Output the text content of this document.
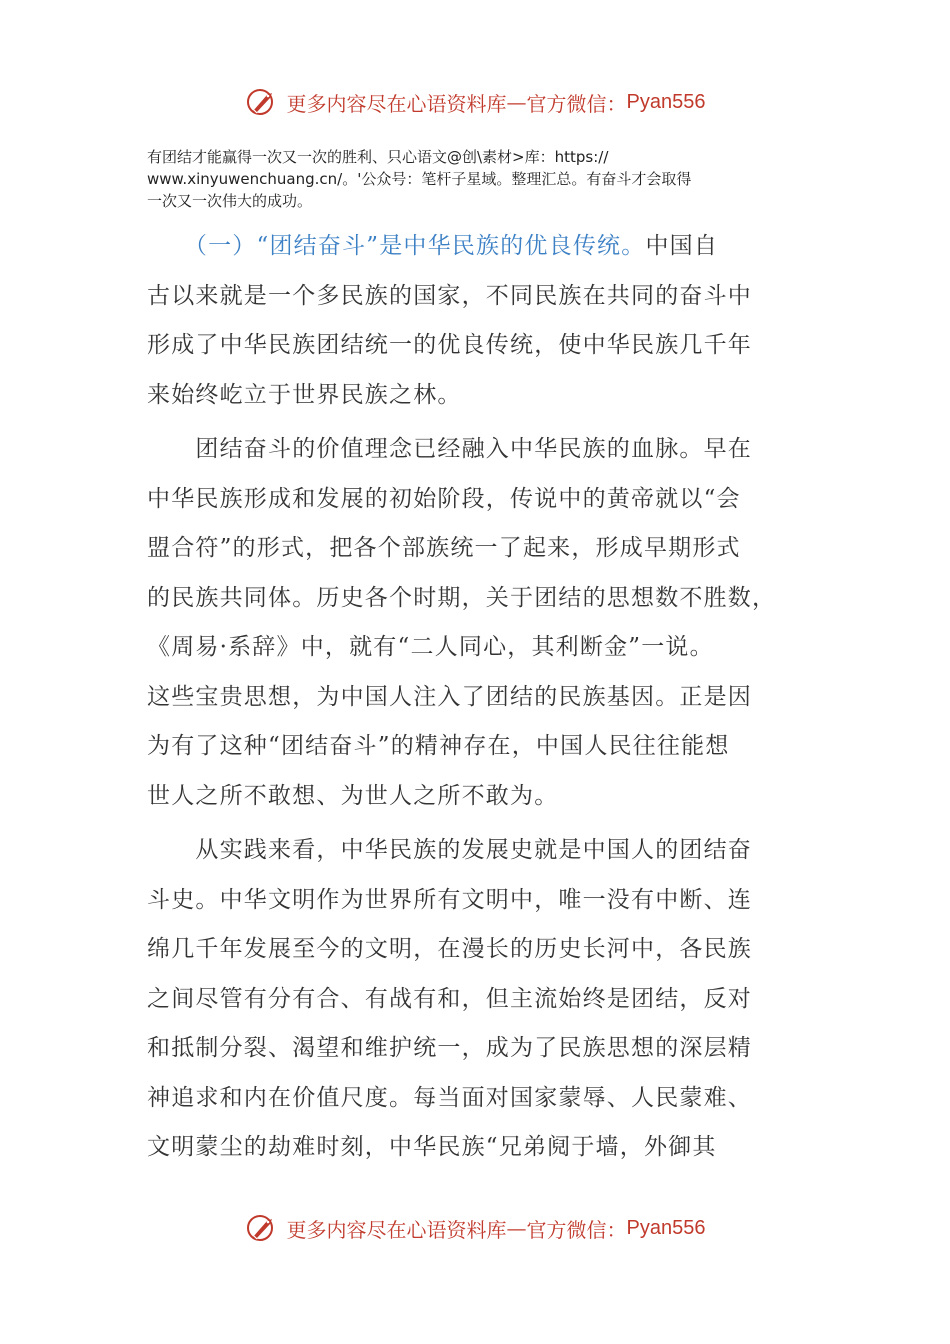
更多内容尽在心语资料库 — 官方微信： Pyan556
有团结才能赢得一次又一次的胜利、只心语文@创\素材>库：https://
www.xinyuwenchuang.cn/。'公众号：笔杆子星域。整理汇总。有奋斗才会取得
一次又一次伟大的成功。
　　（一）“团结奋斗”是中华民族的优良传统。中国自
古以来就是一个多民族的国家，不同民族在共同的奋斗中
形成了中华民族团结统一的优良传统，使中华民族几千年
来始终屹立于世界民族之林。
　　团结奋斗的价值理念已经融入中华民族的血脉。早在
中华民族形成和发展的初始阶段，传说中的黄帝就以“会
盟合符”的形式，把各个部族统一了起来，形成早期形式
的民族共同体。历史各个时期，关于团结的思想数不胜数，
《周易·系辞》中，就有“二人同心，其利断金”一说。
这些宝贵思想，为中国人注入了团结的民族基因。正是因
为有了这种“团结奋斗”的精神存在，中国人民往往能想
世人之所不敢想、为世人之所不敢为。
　　从实践来看，中华民族的发展史就是中国人的团结奋
斗史。中华文明作为世界所有文明中，唯一没有中断、连
绵几千年发展至今的文明，在漫长的历史长河中，各民族
之间尽管有分有合、有战有和，但主流始终是团结，反对
和抵制分裂、渴望和维护统一，成为了民族思想的深层精
神追求和内在价值尺度。每当面对国家蒙辱、人民蒙难、
文明蒙尘的劫难时刻，中华民族“兄弟阋于墙，外御其
更多内容尽在心语资料库 — 官方微信： Pyan556
